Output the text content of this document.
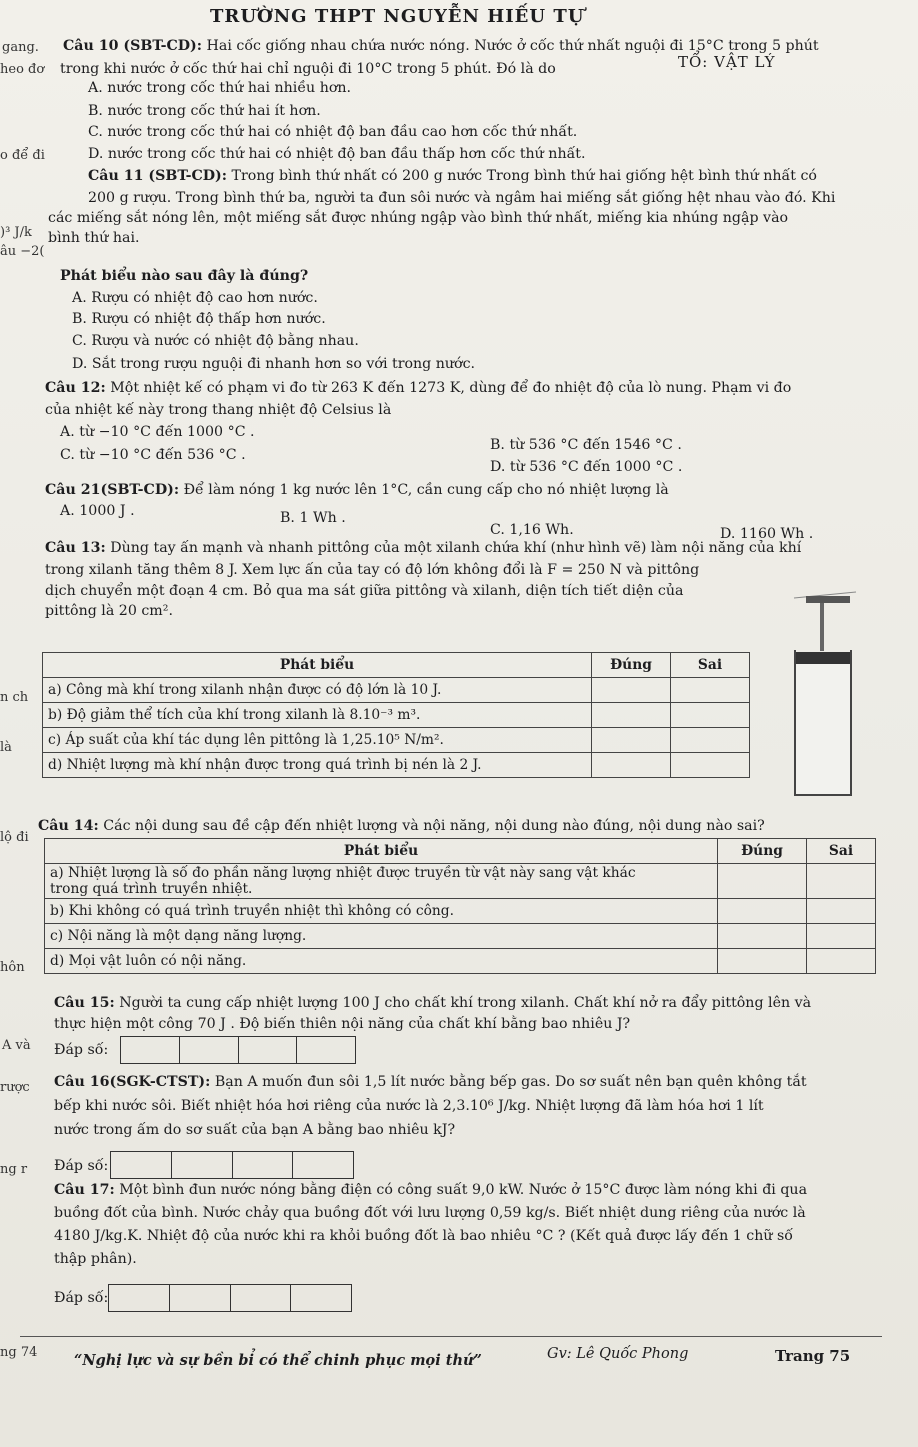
TRƯỜNG THPT NGUYỄN HIẾU TỰ
TỔ: VẬT LÝ
gang.
heo đơ
o để đi
)³ J/k
âu −2(
n ch
là
lộ đi
hôn
A và
rược
ng r
ng 74
Câu 10 (SBT-CD): Hai cốc giống nhau chứa nước nóng. Nước ở cốc thứ nhất nguội đi 15°C trong 5 phút
trong khi nước ở cốc thứ hai chỉ nguội đi 10°C trong 5 phút. Đó là do
A. nước trong cốc thứ hai nhiều hơn.
B. nước trong cốc thứ hai ít hơn.
C. nước trong cốc thứ hai có nhiệt độ ban đầu cao hơn cốc thứ nhất.
D. nước trong cốc thứ hai có nhiệt độ ban đầu thấp hơn cốc thứ nhất.
Câu 11 (SBT-CD): Trong bình thứ nhất có 200 g nước Trong bình thứ hai giống hệt bình thứ nhất có
200 g rượu. Trong bình thứ ba, người ta đun sôi nước và ngâm hai miếng sắt giống hệt nhau vào đó. Khi
các miếng sắt nóng lên, một miếng sắt được nhúng ngập vào bình thứ nhất, miếng kia nhúng ngập vào
bình thứ hai.
Phát biểu nào sau đây là đúng?
A. Rượu có nhiệt độ cao hơn nước.
B. Rượu có nhiệt độ thấp hơn nước.
C. Rượu và nước có nhiệt độ bằng nhau.
D. Sắt trong rượu nguội đi nhanh hơn so với trong nước.
Câu 12: Một nhiệt kế có phạm vi đo từ 263 K đến 1273 K, dùng để đo nhiệt độ của lò nung. Phạm vi đo
của nhiệt kế này trong thang nhiệt độ Celsius là
A. từ −10 °C đến 1000 °C .
C. từ −10 °C đến 536 °C .
B. từ 536 °C đến 1546 °C .
D. từ 536 °C đến 1000 °C .
Câu 21(SBT-CD): Để làm nóng 1 kg nước lên 1°C, cần cung cấp cho nó nhiệt lượng là
A. 1000 J .	B. 1 Wh .
C. 1,16 Wh.	D. 1160 Wh .
Câu 13: Dùng tay ấn mạnh và nhanh pittông của một xilanh chứa khí (như hình vẽ) làm nội năng của khí
trong xilanh tăng thêm 8 J. Xem lực ấn của tay có độ lớn không đổi là F = 250 N và pittông
dịch chuyển một đoạn 4 cm. Bỏ qua ma sát giữa pittông và xilanh, diện tích tiết diện của
pittông là 20 cm².
Phát biểu	Đúng	Sai
a) Công mà khí trong xilanh nhận được có độ lớn là 10 J.		
b) Độ giảm thể tích của khí trong xilanh là 8.10⁻³ m³.		
c) Áp suất của khí tác dụng lên pittông là 1,25.10⁵ N/m².		
d) Nhiệt lượng mà khí nhận được trong quá trình bị nén là 2 J.		
Câu 14: Các nội dung sau đề cập đến nhiệt lượng và nội năng, nội dung nào đúng, nội dung nào sai?
Phát biểu	Đúng	Sai

a) Nhiệt lượng là số đo phần năng lượng nhiệt được truyền từ vật này sang vật khác
trong quá trình truyền nhiệt.		

b) Khi không có quá trình truyền nhiệt thì không có công.		
c) Nội năng là một dạng năng lượng.		
d) Mọi vật luôn có nội năng.		
Câu 15: Người ta cung cấp nhiệt lượng 100 J cho chất khí trong xilanh. Chất khí nở ra đẩy pittông lên và
thực hiện một công 70 J . Độ biến thiên nội năng của chất khí bằng bao nhiêu J?
Đáp số:
Câu 16(SGK-CTST): Bạn A muốn đun sôi 1,5 lít nước bằng bếp gas. Do sơ suất nên bạn quên không tắt
bếp khi nước sôi. Biết nhiệt hóa hơi riêng của nước là 2,3.10⁶ J/kg. Nhiệt lượng đã làm hóa hơi 1 lít
nước trong ấm do sơ suất của bạn A bằng bao nhiêu kJ?
Đáp số:
Câu 17: Một bình đun nước nóng bằng điện có công suất 9,0 kW. Nước ở 15°C được làm nóng khi đi qua
buồng đốt của bình. Nước chảy qua buồng đốt với lưu lượng 0,59 kg/s. Biết nhiệt dung riêng của nước là
4180 J/kg.K. Nhiệt độ của nước khi ra khỏi buồng đốt là bao nhiêu °C ? (Kết quả được lấy đến 1 chữ số
thập phân).
Đáp số:
“Nghị lực và sự bền bỉ có thể chinh phục mọi thứ”	Gv: Lê Quốc Phong	Trang 75
